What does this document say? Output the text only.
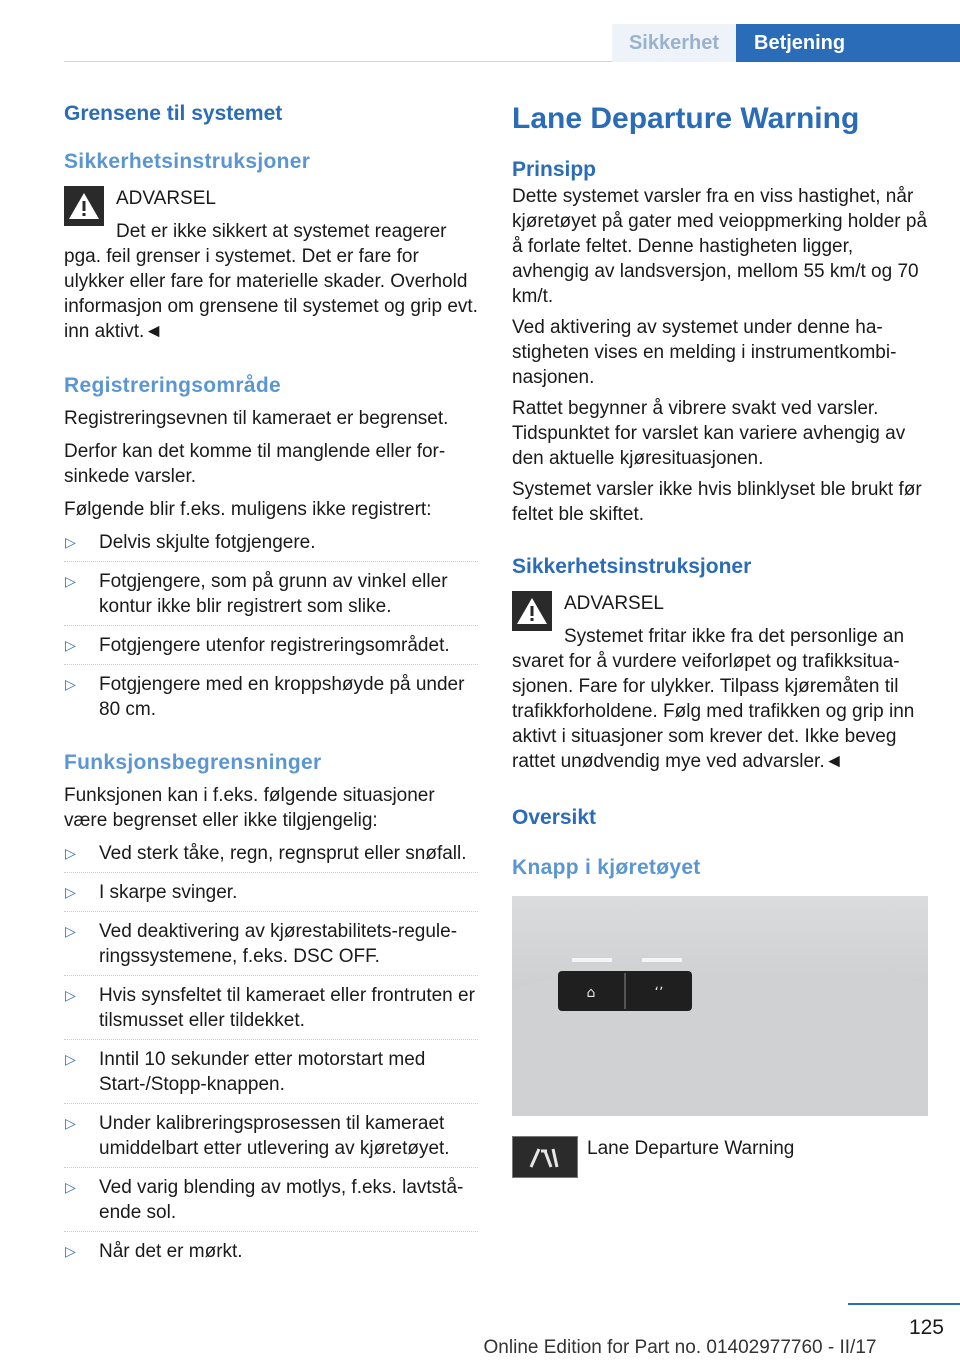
Sikkerhet	Betjening
Grensene til systemet
Sikkerhetsinstruksjoner
ADVARSEL

Det er ikke sikkert at systemet reagerer

pga. feil grenser i systemet. Det er fare for ulykker eller fare for materielle skader. Overhold informasjon om grensene til systemet og grip evt. inn aktivt.◄

Registreringsområde

Registreringsevnen til kameraet er begrenset.

Derfor kan det komme til manglende eller forsinkede varsler.

Følgende blir f.eks. muligens ikke registrert:

▷ Delvis skjulte fotgjengere.
▷ Fotgjengere, som på grunn av vinkel eller kontur ikke blir registrert som slike.
▷ Fotgjengere utenfor registreringsområdet.
▷ Fotgjengere med en kroppshøyde på under 80 cm.
Funksjonsbegrensninger

Funksjonen kan i f.eks. følgende situasjoner være begrenset eller ikke tilgjengelig:

▷ Ved sterk tåke, regn, regnsprut eller snøfall.
▷ I skarpe svinger.
▷ Ved deaktivering av kjørestabilitets-reguleringssystemene, f.eks. DSC OFF.
▷ Hvis synsfeltet til kameraet eller frontruten er tilsmusset eller tildekket.
▷ Inntil 10 sekunder etter motorstart med Start-/Stopp-knappen.
▷ Under kalibreringsprosessen til kameraet umiddelbart etter utlevering av kjøretøyet.
▷ Ved varig blending av motlys, f.eks. lavtstående sol.
▷ Når det er mørkt.
Lane Departure Warning
Prinsipp

Dette systemet varsler fra en viss hastighet, når kjøretøyet på gater med veioppmerking holder på å forlate feltet. Denne hastigheten ligger, avhengig av landsversjon, mellom 55 km/t og 70 km/t.

Ved aktivering av systemet under denne hastigheten vises en melding i instrumentkombinasjonen.

Rattet begynner å vibrere svakt ved varsler. Tidspunktet for varslet kan variere avhengig av den aktuelle kjøresituasjonen.

Systemet varsler ikke hvis blinklyset ble brukt før feltet ble skiftet.

Sikkerhetsinstruksjoner
ADVARSEL

Systemet fritar ikke fra det personlige an

svaret for å vurdere veiforløpet og trafikksituasjonen. Fare for ulykker. Tilpass kjøremåten til trafikkforholdene. Følg med trafikken og grip inn aktivt i situasjoner som krever det. Ikke beveg rattet unødvendig mye ved advarsler.◄

Oversikt
Knapp i kjøretøyet
⌂	ʻʼ

Lane Departure Warning

125
Online Edition for Part no. 01402977760 - II/17
